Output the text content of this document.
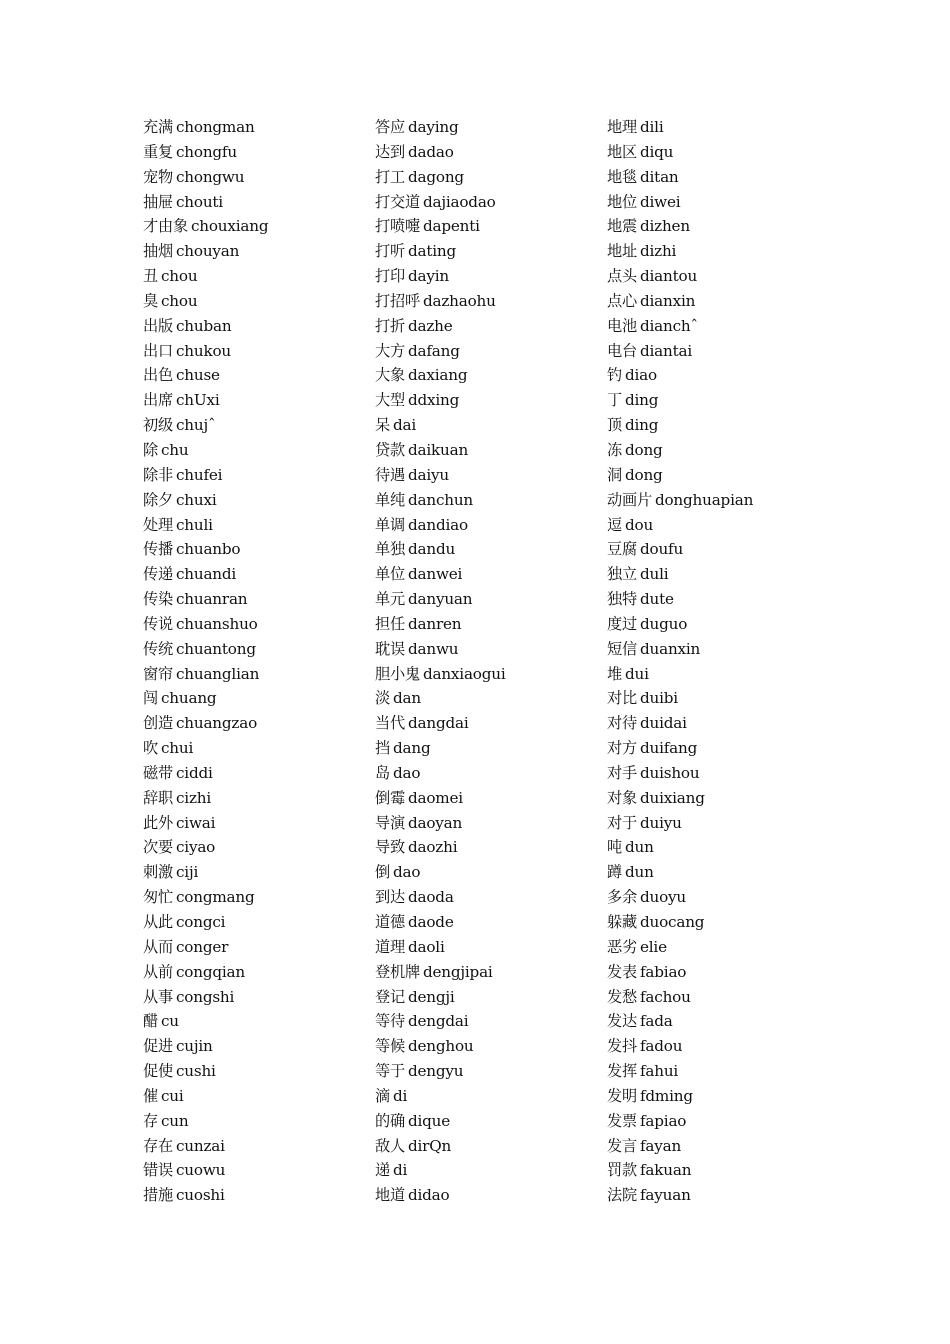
充满 chongman
重复 chongfu
宠物 chongwu
抽屉 chouti
才由象 chouxiang
抽烟 chouyan
丑 chou
臭 chou
出版 chuban
出口 chukou
出色 chuse
出席 chUxi
初级 chujˆ
除 chu
除非 chufei
除夕 chuxi
处理 chuli
传播 chuanbo
传递 chuandi
传染 chuanran
传说 chuanshuo
传统 chuantong
窗帘 chuanglian
闯 chuang
创造 chuangzao
吹 chui
磁带 ciddi
辞职 cizhi
此外 ciwai
次要 ciyao
刺激 ciji
匆忙 congmang
从此 congci
从而 conger
从前 congqian
从事 congshi
醋 cu
促进 cujin
促使 cushi
催 cui
存 cun
存在 cunzai
错误 cuowu
措施 cuoshi
答应 daying
达到 dadao
打工 dagong
打交道 dajiaodao
打喷嚏 dapenti
打听 dating
打印 dayin
打招呼 dazhaohu
打折 dazhe
大方 dafang
大象 daxiang
大型 ddxing
呆 dai
贷款 daikuan
待遇 daiyu
单纯 danchun
单调 dandiao
单独 dandu
单位 danwei
单元 danyuan
担任 danren
耽误 danwu
胆小鬼 danxiaogui
淡 dan
当代 dangdai
挡 dang
岛 dao
倒霉 daomei
导演 daoyan
导致 daozhi
倒 dao
到达 daoda
道德 daode
道理 daoli
登机牌 dengjipai
登记 dengji
等待 dengdai
等候 denghou
等于 dengyu
滴 di
的确 dique
敌人 dirQn
递 di
地道 didao
地理 dili
地区 diqu
地毯 ditan
地位 diwei
地震 dizhen
地址 dizhi
点头 diantou
点心 dianxin
电池 dianchˆ
电台 diantai
钓 diao
丁 ding
顶 ding
冻 dong
洞 dong
动画片 donghuapian
逗 dou
豆腐 doufu
独立 duli
独特 dute
度过 duguo
短信 duanxin
堆 dui
对比 duibi
对待 duidai
对方 duifang
对手 duishou
对象 duixiang
对于 duiyu
吨 dun
蹲 dun
多余 duoyu
躲藏 duocang
恶劣 elie
发表 fabiao
发愁 fachou
发达 fada
发抖 fadou
发挥 fahui
发明 fdming
发票 fapiao
发言 fayan
罚款 fakuan
法院 fayuan
